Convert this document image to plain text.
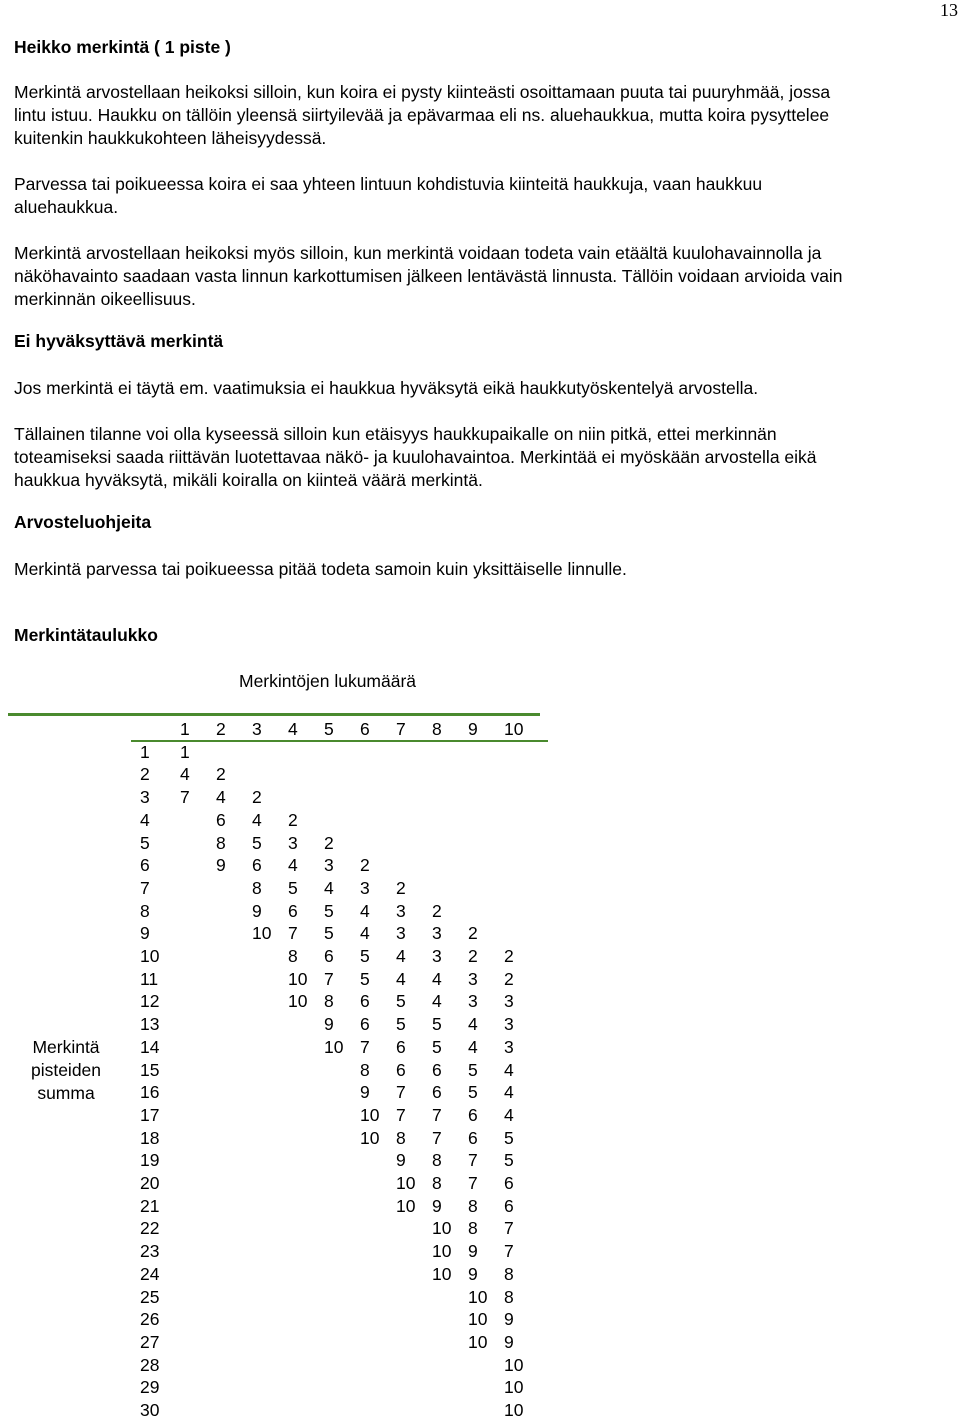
13

Heikko merkintä ( 1 piste )

Merkintä arvostellaan heikoksi silloin, kun koira ei pysty kiinteästi osoittamaan puuta tai puuryhmää, jossa

lintu istuu. Haukku on tällöin yleensä siirtyilevää ja epävarmaa eli ns. aluehaukkua, mutta koira pysyttelee

kuitenkin haukkukohteen läheisyydessä.

Parvessa tai poikueessa koira ei saa yhteen lintuun kohdistuvia kiinteitä haukkuja, vaan haukkuu

aluehaukkua.

Merkintä arvostellaan heikoksi myös silloin, kun merkintä voidaan todeta vain etäältä kuulohavainnolla ja

näköhavainto saadaan vasta linnun karkottumisen jälkeen lentävästä linnusta. Tällöin voidaan arvioida vain

merkinnän oikeellisuus.

Ei hyväksyttävä merkintä

Jos merkintä ei täytä em. vaatimuksia ei haukkua hyväksytä eikä haukkutyöskentelyä arvostella.

Tällainen tilanne voi olla kyseessä silloin kun etäisyys haukkupaikalle on niin pitkä, ettei merkinnän

toteamiseksi saada riittävän luotettavaa näkö- ja kuulohavaintoa. Merkintää ei myöskään arvostella eikä

haukkua hyväksytä, mikäli koiralla on kiinteä väärä merkintä.

Arvosteluohjeita

Merkintä parvessa tai poikueessa pitää todeta samoin kuin yksittäiselle linnulle.

Merkintätaulukko

Merkintöjen lukumäärä
	1	2	3	4	5	6	7	8	9	10
1	1									
2	4	2								
3	7	4	2							
4		6	4	2						
5		8	5	3	2					
6		9	6	4	3	2				
7			8	5	4	3	2			
8			9	6	5	4	3	2		
9			10	7	5	4	3	3	2	
10				8	6	5	4	3	2	2
11				10	7	5	4	4	3	2
12				10	8	6	5	4	3	3
13					9	6	5	5	4	3
14					10	7	6	5	4	3
15						8	6	6	5	4
16						9	7	6	5	4
17						10	7	7	6	4
18						10	8	7	6	5
19							9	8	7	5
20							10	8	7	6
21							10	9	8	6
22								10	8	7
23								10	9	7
24								10	9	8
25									10	8
26									10	9
27									10	9
28										10
29										10
30										10
Merkintä
pisteiden
summa
